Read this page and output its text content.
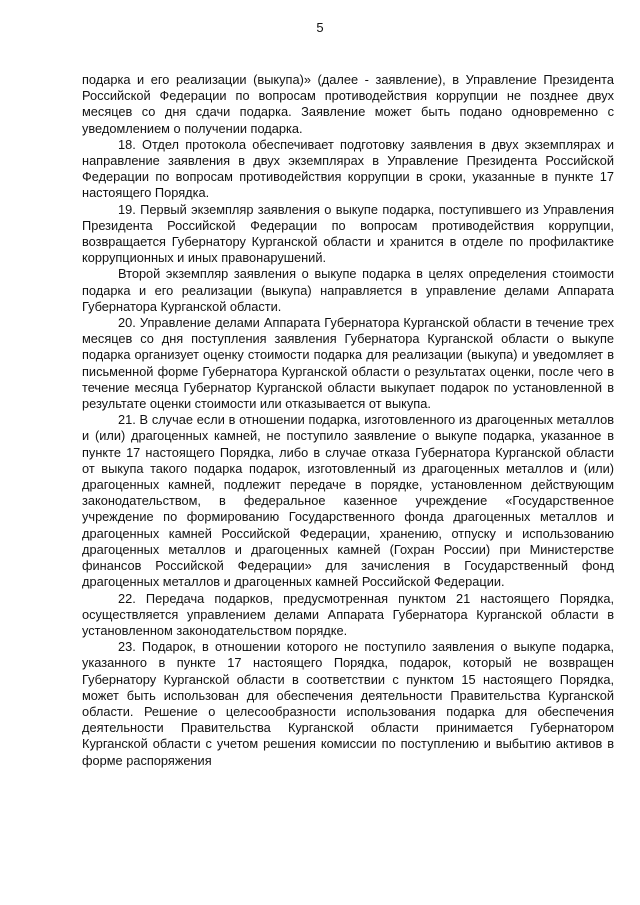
5

подарка и его реализации (выкупа)» (далее - заявление), в Управление Президента Российской Федерации по вопросам противодействия коррупции не позднее двух месяцев со дня сдачи подарка. Заявление может быть подано одновременно с уведомлением о получении подарка.

18. Отдел протокола обеспечивает подготовку заявления в двух экземплярах и направление заявления в двух экземплярах в Управление Президента Российской Федерации по вопросам противодействия коррупции в сроки, указанные в пункте 17 настоящего Порядка.

19. Первый экземпляр заявления о выкупе подарка, поступившего из Управления Президента Российской Федерации по вопросам противодействия коррупции, возвращается Губернатору Курганской области и хранится в отделе по профилактике коррупционных и иных правонарушений.

Второй экземпляр заявления о выкупе подарка в целях определения стоимости подарка и его реализации (выкупа) направляется в управление делами Аппарата Губернатора Курганской области.

20. Управление делами Аппарата Губернатора Курганской области в течение трех месяцев со дня поступления заявления Губернатора Курганской области о выкупе подарка организует оценку стоимости подарка для реализации (выкупа) и уведомляет в письменной форме Губернатора Курганской области о результатах оценки, после чего в течение месяца Губернатор Курганской области выкупает подарок по установленной в результате оценки стоимости или отказывается от выкупа.

21. В случае если в отношении подарка, изготовленного из драгоценных металлов и (или) драгоценных камней, не поступило заявление о выкупе подарка, указанное в пункте 17 настоящего Порядка, либо в случае отказа Губернатора Курганской области от выкупа такого подарка подарок, изготовленный из драгоценных металлов и (или) драгоценных камней, подлежит передаче в порядке, установленном действующим законодательством, в федеральное казенное учреждение «Государственное учреждение по формированию Государственного фонда драгоценных металлов и драгоценных камней Российской Федерации, хранению, отпуску и использованию драгоценных металлов и драгоценных камней (Гохран России) при Министерстве финансов Российской Федерации» для зачисления в Государственный фонд драгоценных металлов и драгоценных камней Российской Федерации.

22. Передача подарков, предусмотренная пунктом 21 настоящего Порядка, осуществляется управлением делами Аппарата Губернатора Курганской области в установленном законодательством порядке.

23. Подарок, в отношении которого не поступило заявления о выкупе подарка, указанного в пункте 17 настоящего Порядка, подарок, который не возвращен Губернатору Курганской области в соответствии с пунктом 15 настоящего Порядка, может быть использован для обеспечения деятельности Правительства Курганской области. Решение о целесообразности использования подарка для обеспечения деятельности Правительства Курганской области принимается Губернатором Курганской области с учетом решения комиссии по поступлению и выбытию активов в форме распоряжения
